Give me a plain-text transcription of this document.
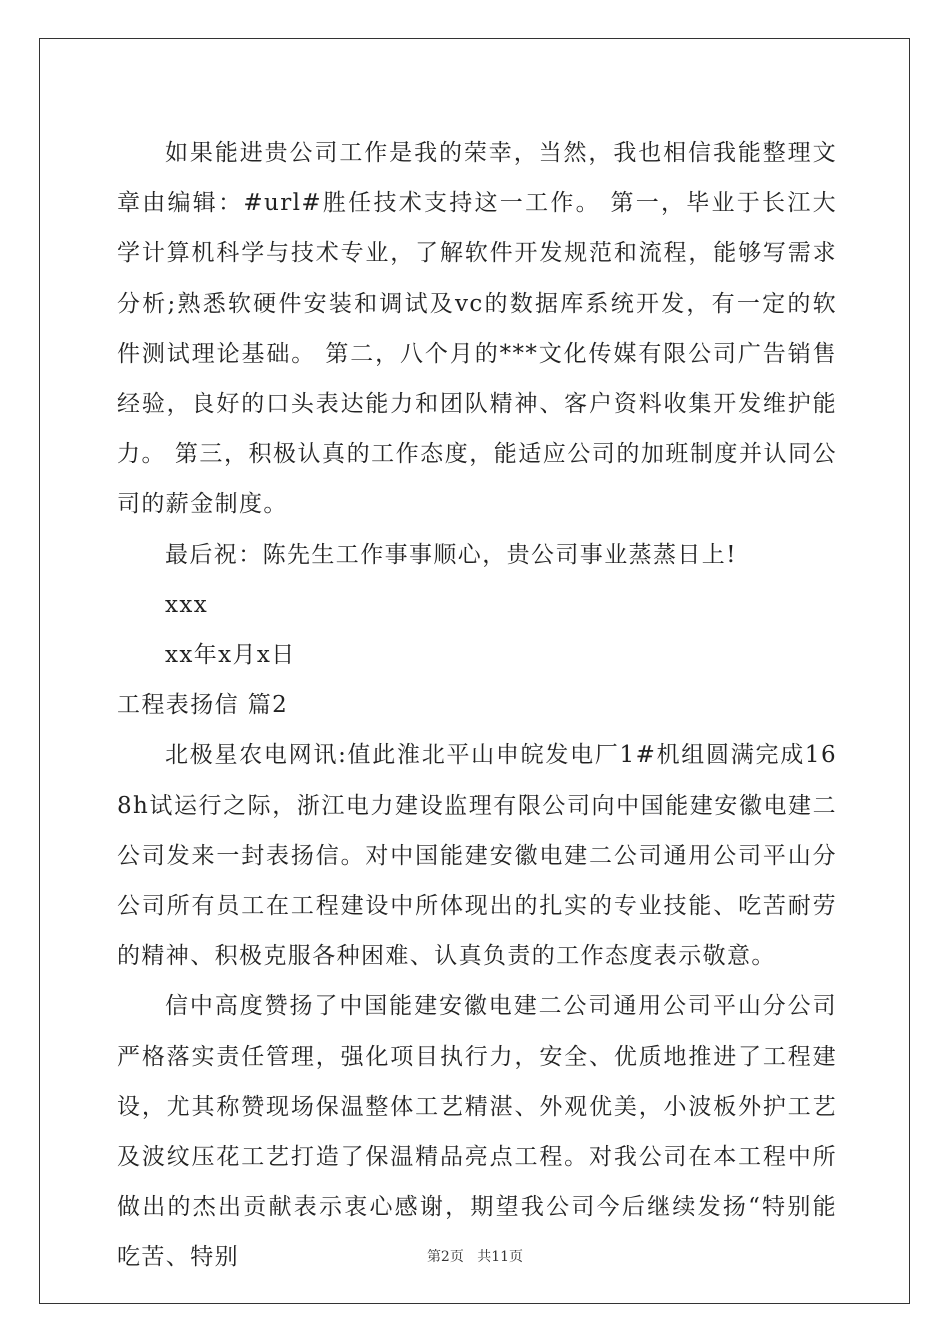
如果能进贵公司工作是我的荣幸，当然，我也相信我能整理文章由编辑：#url#胜任技术支持这一工作。 第一，毕业于长江大学计算机科学与技术专业，了解软件开发规范和流程，能够写需求分析;熟悉软硬件安装和调试及vc的数据库系统开发，有一定的软件测试理论基础。 第二，八个月的***文化传媒有限公司广告销售经验，良好的口头表达能力和团队精神、客户资料收集开发维护能力。 第三，积极认真的工作态度，能适应公司的加班制度并认同公司的薪金制度。

最后祝：陈先生工作事事顺心，贵公司事业蒸蒸日上!

xxx

xx年x月x日

工程表扬信 篇2

北极星农电网讯:值此淮北平山申皖发电厂1#机组圆满完成168h试运行之际，浙江电力建设监理有限公司向中国能建安徽电建二公司发来一封表扬信。对中国能建安徽电建二公司通用公司平山分公司所有员工在工程建设中所体现出的扎实的专业技能、吃苦耐劳的精神、积极克服各种困难、认真负责的工作态度表示敬意。

信中高度赞扬了中国能建安徽电建二公司通用公司平山分公司严格落实责任管理，强化项目执行力，安全、优质地推进了工程建设，尤其称赞现场保温整体工艺精湛、外观优美，小波板外护工艺及波纹压花工艺打造了保温精品亮点工程。对我公司在本工程中所做出的杰出贡献表示衷心感谢，期望我公司今后继续发扬“特别能吃苦、特别	第2页 共11页
